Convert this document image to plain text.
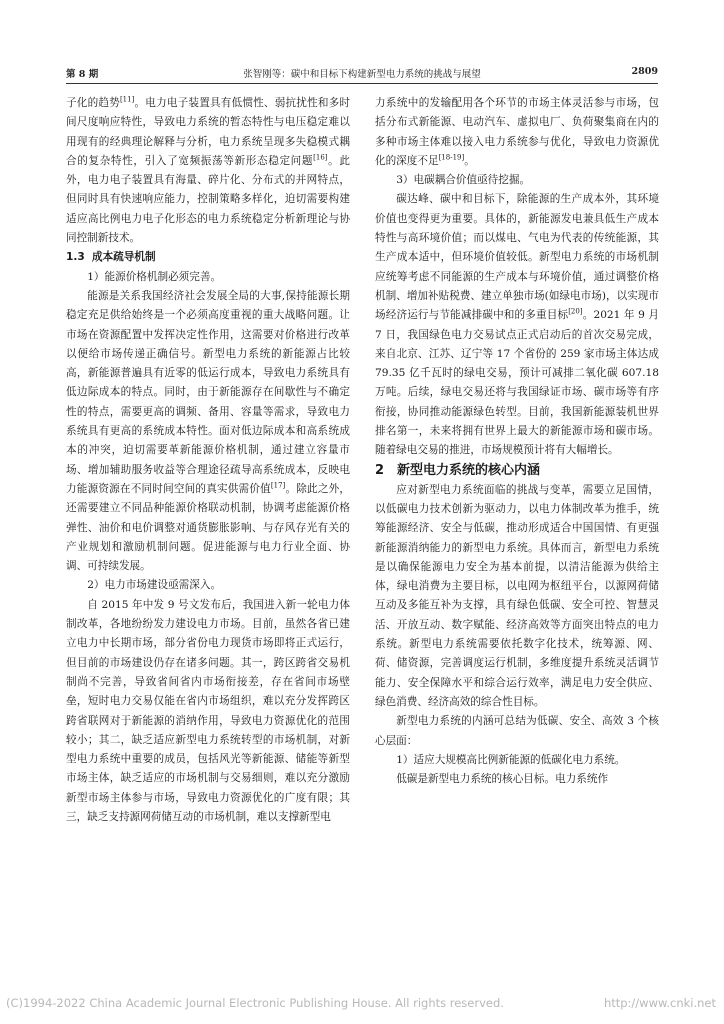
第 8 期	张智刚等：碳中和目标下构建新型电力系统的挑战与展望	2809

子化的趋势[11]。电力电子装置具有低惯性、弱抗扰性和多时间尺度响应特性，导致电力系统的暂态特性与电压稳定难以用现有的经典理论解释与分析，电力系统呈现多失稳模式耦合的复杂特性，引入了宽频振荡等新形态稳定问题[16]。此外，电力电子装置具有海量、碎片化、分布式的并网特点，但同时具有快速响应能力，控制策略多样化，迫切需要构建适应高比例电力电子化形态的电力系统稳定分析新理论与协同控制新技术。

1.3 成本疏导机制

1）能源价格机制必须完善。

能源是关系我国经济社会发展全局的大事,保持能源长期稳定充足供给始终是一个必须高度重视的重大战略问题。让市场在资源配置中发挥决定性作用，这需要对价格进行改革以便给市场传递正确信号。新型电力系统的新能源占比较高，新能源普遍具有近零的低运行成本，导致电力系统具有低边际成本的特点。同时，由于新能源存在间歇性与不确定性的特点，需要更高的调频、备用、容量等需求，导致电力系统具有更高的系统成本特性。面对低边际成本和高系统成本的冲突，迫切需要革新能源价格机制，通过建立容量市场、增加辅助服务收益等合理途径疏导高系统成本，反映电力能源资源在不同时间空间的真实供需价值[17]。除此之外，还需要建立不同品种能源价格联动机制，协调考虑能源价格弹性、油价和电价调整对通货膨胀影响、与存风存光有关的产业规划和激励机制问题。促进能源与电力行业全面、协调、可持续发展。

2）电力市场建设亟需深入。

自 2015 年中发 9 号文发布后，我国进入新一轮电力体制改革，各地纷纷发力建设电力市场。目前，虽然各省已建立电力中长期市场，部分省份电力现货市场即将正式运行，但目前的市场建设仍存在诸多问题。其一，跨区跨省交易机制尚不完善，导致省间省内市场衔接差，存在省间市场壁垒，短时电力交易仅能在省内市场组织，难以充分发挥跨区跨省联网对于新能源的消纳作用，导致电力资源优化的范围较小；其二，缺乏适应新型电力系统转型的市场机制，对新型电力系统中重要的成员，包括风光等新能源、储能等新型市场主体，缺乏适应的市场机制与交易细则，难以充分激励新型市场主体参与市场，导致电力资源优化的广度有限；其三，缺乏支持源网荷储互动的市场机制，难以支撑新型电

力系统中的发输配用各个环节的市场主体灵活参与市场，包括分布式新能源、电动汽车、虚拟电厂、负荷聚集商在内的多种市场主体难以接入电力系统参与优化，导致电力资源优化的深度不足[18-19]。

3）电碳耦合价值亟待挖掘。

碳达峰、碳中和目标下，除能源的生产成本外，其环境价值也变得更为重要。具体的，新能源发电兼具低生产成本特性与高环境价值；而以煤电、气电为代表的传统能源，其生产成本适中，但环境价值较低。新型电力系统的市场机制应统筹考虑不同能源的生产成本与环境价值，通过调整价格机制、增加补贴税费、建立单独市场(如绿电市场)，以实现市场经济运行与节能减排碳中和的多重目标[20]。2021 年 9 月 7 日，我国绿色电力交易试点正式启动后的首次交易完成，来自北京、江苏、辽宁等 17 个省份的 259 家市场主体达成 79.35 亿千瓦时的绿电交易，预计可减排二氧化碳 607.18 万吨。后续，绿电交易还将与我国绿证市场、碳市场等有序衔接，协同推动能源绿色转型。目前，我国新能源装机世界排名第一，未来将拥有世界上最大的新能源市场和碳市场。随着绿电交易的推进，市场规模预计将有大幅增长。

2 新型电力系统的核心内涵

应对新型电力系统面临的挑战与变革，需要立足国情，以低碳电力技术创新为驱动力，以电力体制改革为推手，统筹能源经济、安全与低碳，推动形成适合中国国情、有更强新能源消纳能力的新型电力系统。具体而言，新型电力系统是以确保能源电力安全为基本前提，以清洁能源为供给主体，绿电消费为主要目标，以电网为枢纽平台，以源网荷储互动及多能互补为支撑，具有绿色低碳、安全可控、智慧灵活、开放互动、数字赋能、经济高效等方面突出特点的电力系统。新型电力系统需要依托数字化技术，统筹源、网、荷、储资源，完善调度运行机制，多维度提升系统灵活调节能力、安全保障水平和综合运行效率，满足电力安全供应、绿色消费、经济高效的综合性目标。

新型电力系统的内涵可总结为低碳、安全、高效 3 个核心层面：

1）适应大规模高比例新能源的低碳化电力系统。

低碳是新型电力系统的核心目标。电力系统作

(C)1994-2022 China Academic Journal Electronic Publishing House. All rights reserved.	http://www.cnki.net
